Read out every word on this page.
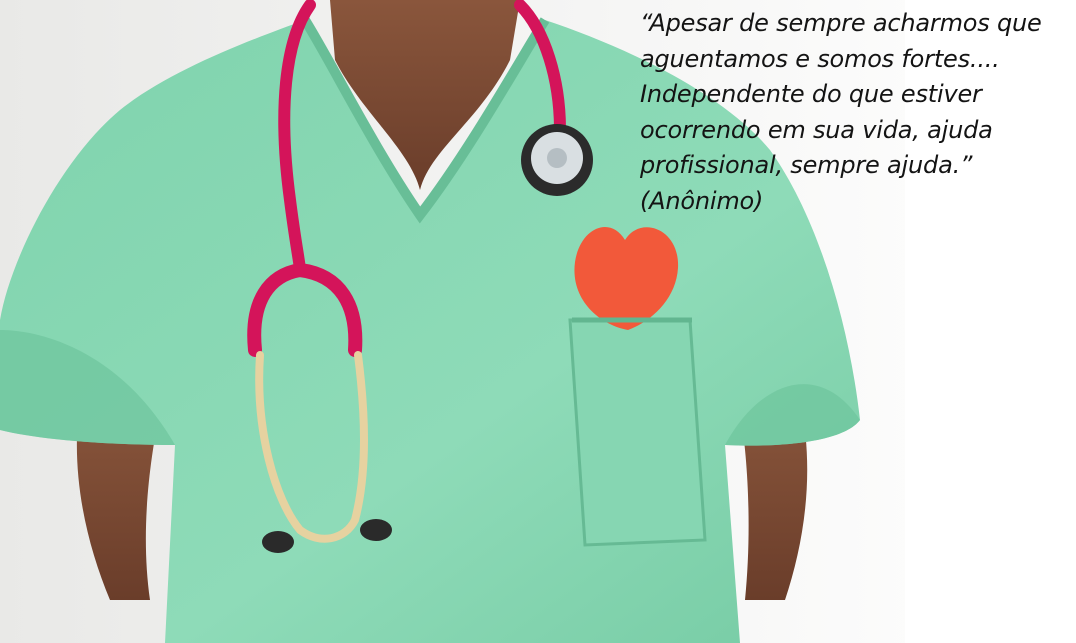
“Apesar de sempre acharmos que
aguentamos e somos fortes....
Independente do que estiver
ocorrendo em sua vida, ajuda
profissional, sempre ajuda.”
(Anônimo)
